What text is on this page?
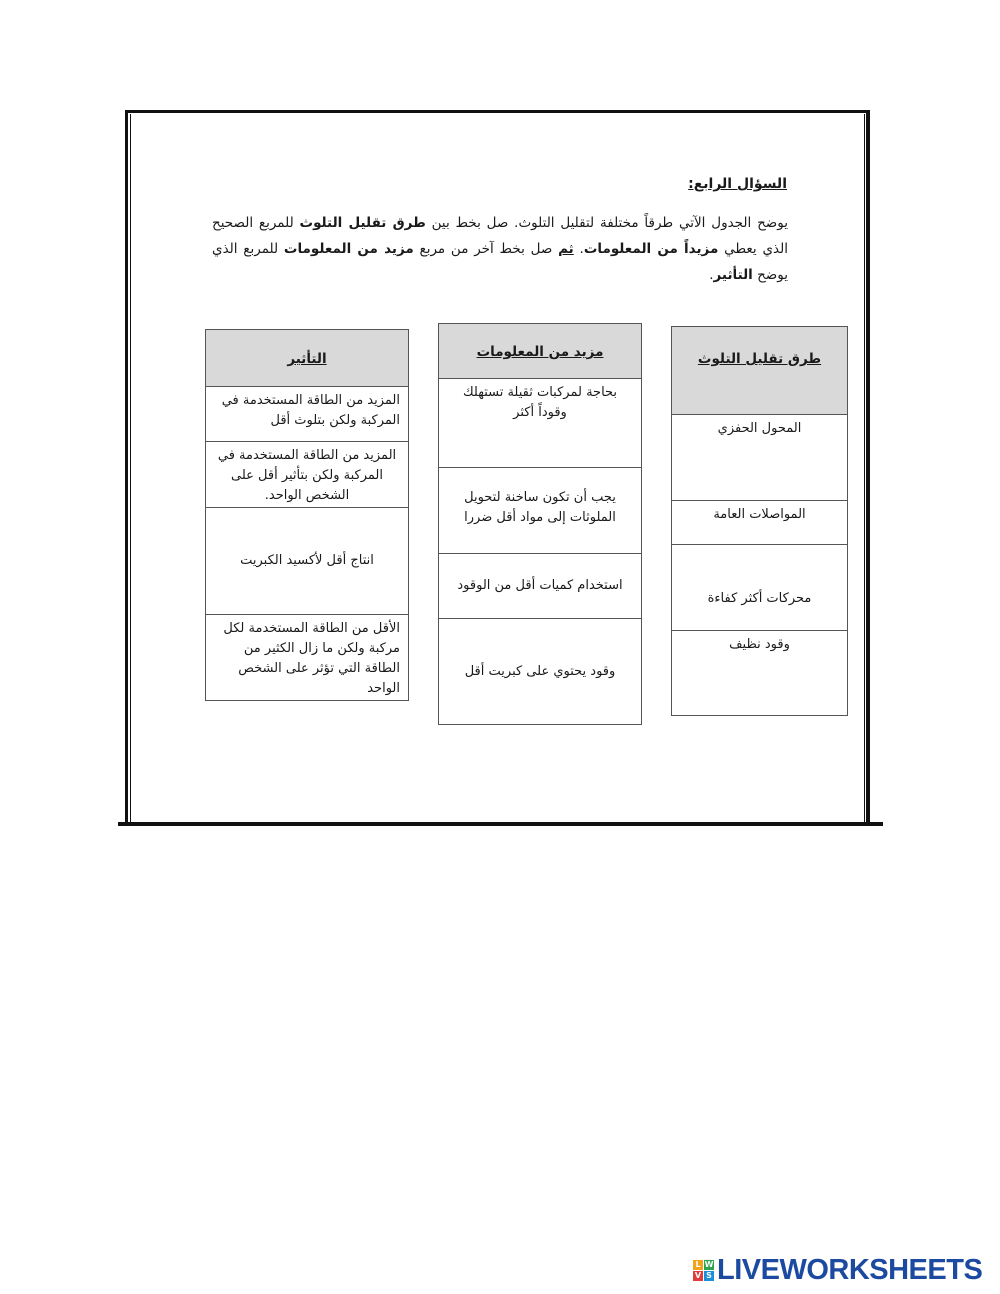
السؤال الرابع:
يوضح الجدول الآتي طرقاً مختلفة لتقليل التلوث. صل بخط بين طرق تقليل التلوث للمربع الصحيح الذي يعطي مزيداً من المعلومات. ثم صل بخط آخر من مربع مزيد من المعلومات للمربع الذي يوضح التأثير.
التأثير
المزيد من الطاقة المستخدمة في المركبة ولكن بتلوث أقل
المزيد من الطاقة المستخدمة في المركبة ولكن بتأثير أقل على الشخص الواحد.
انتاج أقل لأكسيد الكبريت
الأقل من الطاقة المستخدمة لكل مركبة ولكن ما زال الكثير من الطاقة التي تؤثر على الشخص الواحد
مزيد من المعلومات
بحاجة لمركبات ثقيلة تستهلك وقوداً أكثر
يجب أن تكون ساخنة لتحويل الملوثات إلى مواد أقل ضررا
استخدام كميات أقل من الوقود
وقود يحتوي على كبريت أقل
طرق تقليل التلوث
المحول الحفزي
المواصلات العامة
محركات أكثر كفاءة
وقود نظيف
L W
V S LIVEWORKSHEETS
